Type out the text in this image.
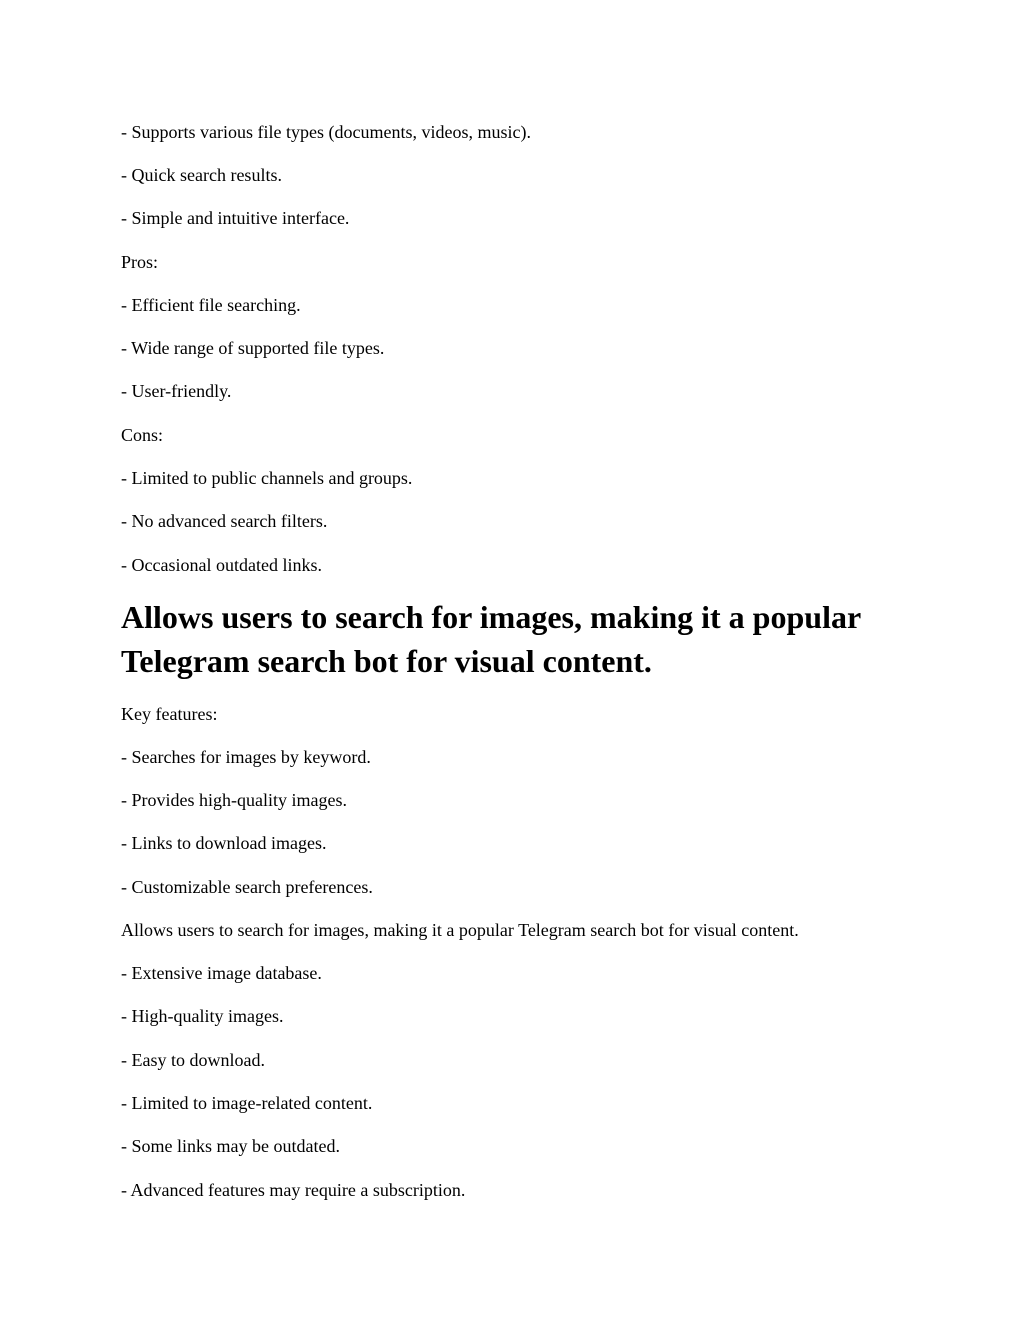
- Supports various file types (documents, videos, music).
- Quick search results.
- Simple and intuitive interface.
Pros:
- Efficient file searching.
- Wide range of supported file types.
- User-friendly.
Cons:
- Limited to public channels and groups.
- No advanced search filters.
- Occasional outdated links.
Allows users to search for images, making it a popular
Telegram search bot for visual content.
Key features:
- Searches for images by keyword.
- Provides high-quality images.
- Links to download images.
- Customizable search preferences.
Allows users to search for images, making it a popular Telegram search bot for visual content.
- Extensive image database.
- High-quality images.
- Easy to download.
- Limited to image-related content.
- Some links may be outdated.
- Advanced features may require a subscription.
